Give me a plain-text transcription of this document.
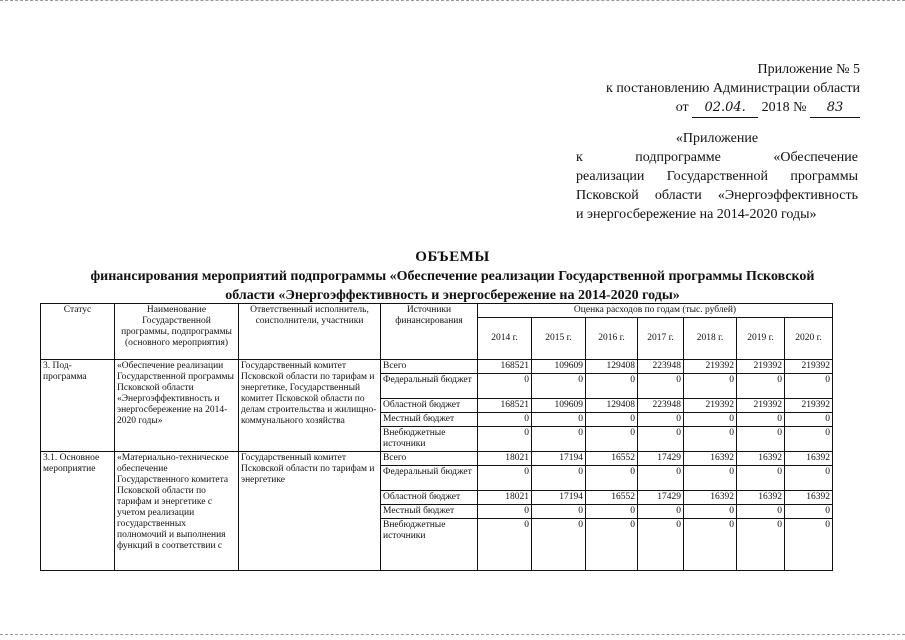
Приложение № 5
к постановлению Администрации области
от 02.04. 2018 № 83
«Приложение
к подпрограмме «Обеспечение
реализации Государственной программы
Псковской области «Энергоэффективность
и энергосбережение на 2014-2020 годы»
ОБЪЕМЫ
финансирования мероприятий подпрограммы «Обеспечение реализации Государственной программы Псковской
области «Энергоэффективность и энергосбережение на 2014-2020 годы»
Статус	Наименование Государственной программы, подпрограммы (основного мероприятия)	Ответственный исполнитель, соисполнители, участники	Источники финансирования	Оценка расходов по годам (тыс. рублей)						
				2014 г.	2015 г.	2016 г.	2017 г.	2018 г.	2019 г.	2020 г.
3. Под-программа	«Обеспечение реализации Государственной программы Псковской области «Энергоэффективность и энергосбережение на 2014-2020 годы»	Государственный комитет Псковской области по тарифам и энергетике, Государственный комитет Псковской области по делам строительства и жилищно-коммунального хозяйства	Всего	168521	109609	129408	223948	219392	219392	219392
			Федеральный бюджет	0	0	0	0	0	0	0
			Областной бюджет	168521	109609	129408	223948	219392	219392	219392
			Местный бюджет	0	0	0	0	0	0	0
			Внебюджетные источники	0	0	0	0	0	0	0
3.1. Основное мероприятие	«Материально-техническое обеспечение Государственного комитета Псковской области по тарифам и энергетике с учетом реализации государственных полномочий и выполнения функций в соответствии с	Государственный комитет Псковской области по тарифам и энергетике	Всего	18021	17194	16552	17429	16392	16392	16392
			Федеральный бюджет	0	0	0	0	0	0	0
			Областной бюджет	18021	17194	16552	17429	16392	16392	16392
			Местный бюджет	0	0	0	0	0	0	0
			Внебюджетные источники	0	0	0	0	0	0	0
